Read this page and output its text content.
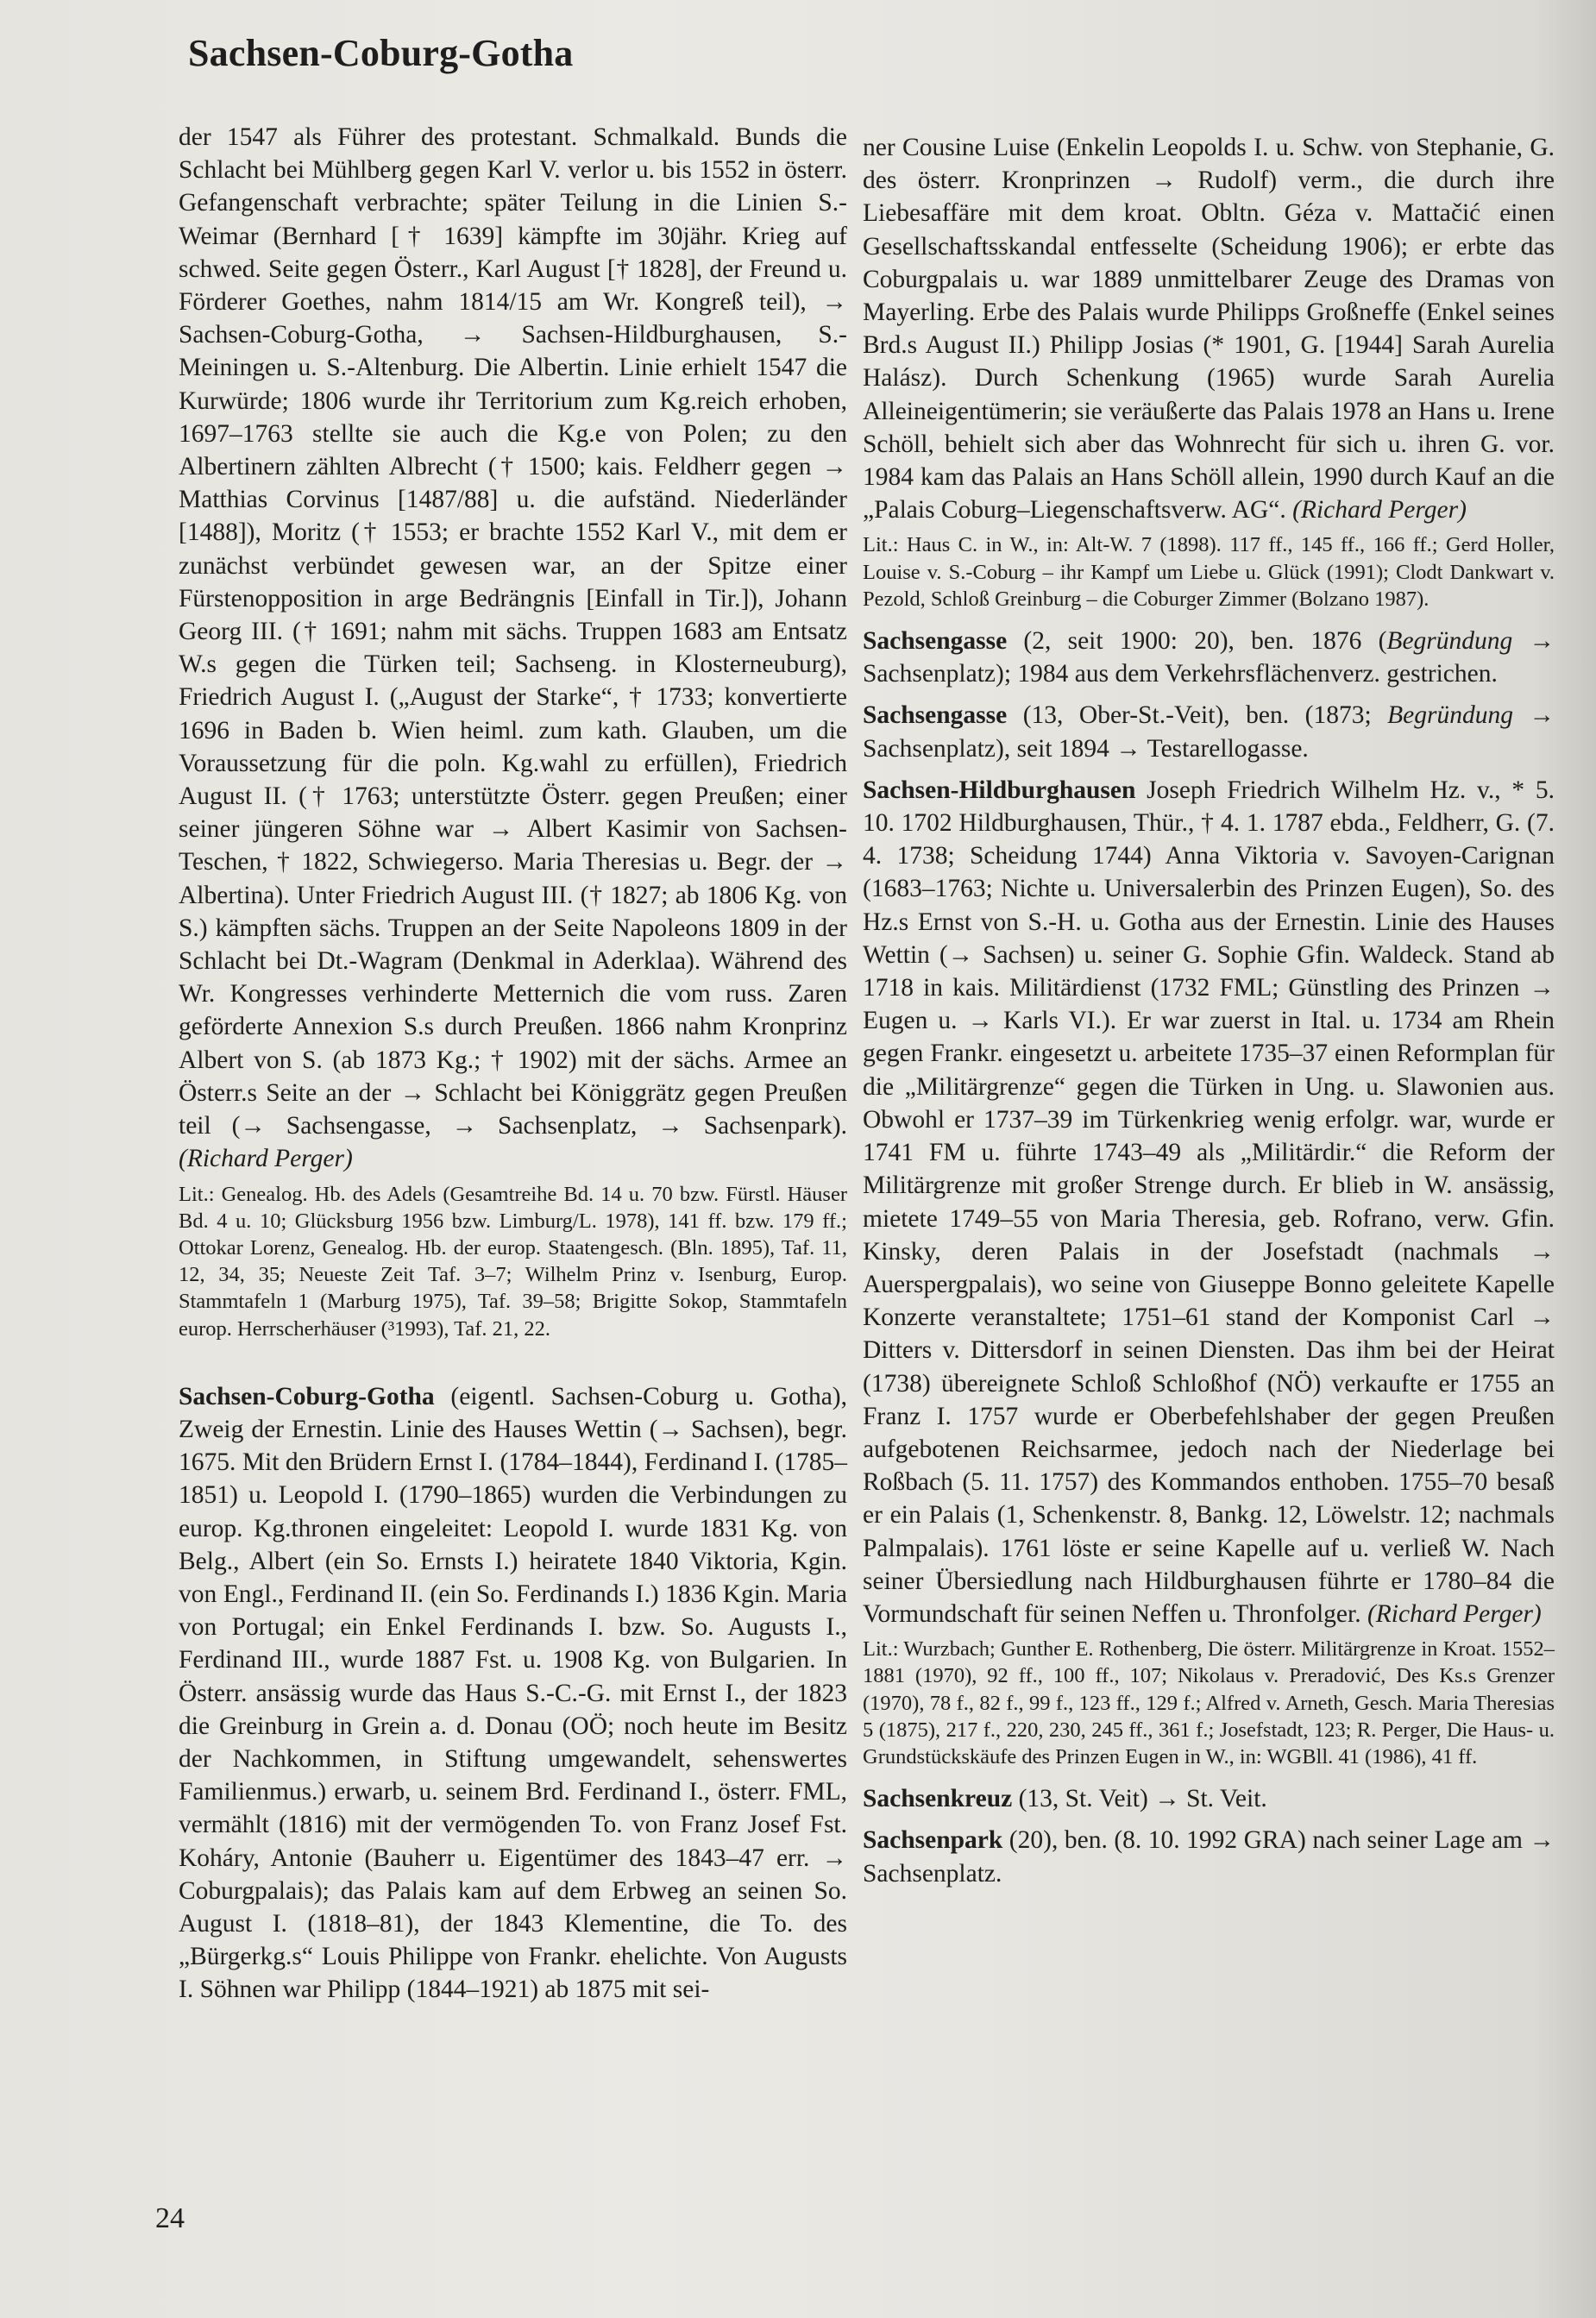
Sachsen-Coburg-Gotha

der 1547 als Führer des protestant. Schmalkald. Bunds die Schlacht bei Mühlberg gegen Karl V. verlor u. bis 1552 in österr. Gefangenschaft verbrachte; später Teilung in die Linien S.-Weimar (Bernhard [† 1639] kämpfte im 30jähr. Krieg auf schwed. Seite gegen Österr., Karl August [† 1828], der Freund u. Förderer Goethes, nahm 1814/15 am Wr. Kongreß teil), → Sachsen-Coburg-Gotha, → Sachsen-Hildburghausen, S.-Meiningen u. S.-Altenburg. Die Albertin. Linie erhielt 1547 die Kurwürde; 1806 wurde ihr Territorium zum Kg.reich erhoben, 1697–1763 stellte sie auch die Kg.e von Polen; zu den Albertinern zählten Albrecht († 1500; kais. Feldherr gegen → Matthias Corvinus [1487/88] u. die aufständ. Niederländer [1488]), Moritz († 1553; er brachte 1552 Karl V., mit dem er zunächst verbündet gewesen war, an der Spitze einer Fürstenopposition in arge Bedrängnis [Einfall in Tir.]), Johann Georg III. († 1691; nahm mit sächs. Truppen 1683 am Entsatz W.s gegen die Türken teil; Sachseng. in Klosterneuburg), Friedrich August I. („August der Starke“, † 1733; konvertierte 1696 in Baden b. Wien heiml. zum kath. Glauben, um die Voraussetzung für die poln. Kg.wahl zu erfüllen), Friedrich August II. († 1763; unterstützte Österr. gegen Preußen; einer seiner jüngeren Söhne war → Albert Kasimir von Sachsen-Teschen, † 1822, Schwiegerso. Maria Theresias u. Begr. der → Albertina). Unter Friedrich August III. († 1827; ab 1806 Kg. von S.) kämpften sächs. Truppen an der Seite Napoleons 1809 in der Schlacht bei Dt.-Wagram (Denkmal in Aderklaa). Während des Wr. Kongresses verhinderte Metternich die vom russ. Zaren geförderte Annexion S.s durch Preußen. 1866 nahm Kronprinz Albert von S. (ab 1873 Kg.; † 1902) mit der sächs. Armee an Österr.s Seite an der → Schlacht bei Königgrätz gegen Preußen teil (→ Sachsengasse, → Sachsenplatz, → Sachsenpark). (Richard Perger)

Lit.: Genealog. Hb. des Adels (Gesamtreihe Bd. 14 u. 70 bzw. Fürstl. Häuser Bd. 4 u. 10; Glücksburg 1956 bzw. Limburg/L. 1978), 141 ff. bzw. 179 ff.; Ottokar Lorenz, Genealog. Hb. der europ. Staatengesch. (Bln. 1895), Taf. 11, 12, 34, 35; Neueste Zeit Taf. 3–7; Wilhelm Prinz v. Isenburg, Europ. Stammtafeln 1 (Marburg 1975), Taf. 39–58; Brigitte Sokop, Stammtafeln europ. Herrscherhäuser (³1993), Taf. 21, 22.

Sachsen-Coburg-Gotha (eigentl. Sachsen-Coburg u. Gotha), Zweig der Ernestin. Linie des Hauses Wettin (→ Sachsen), begr. 1675. Mit den Brüdern Ernst I. (1784–1844), Ferdinand I. (1785–1851) u. Leopold I. (1790–1865) wurden die Verbindungen zu europ. Kg.thronen eingeleitet: Leopold I. wurde 1831 Kg. von Belg., Albert (ein So. Ernsts I.) heiratete 1840 Viktoria, Kgin. von Engl., Ferdinand II. (ein So. Ferdinands I.) 1836 Kgin. Maria von Portugal; ein Enkel Ferdinands I. bzw. So. Augusts I., Ferdinand III., wurde 1887 Fst. u. 1908 Kg. von Bulgarien. In Österr. ansässig wurde das Haus S.-C.-G. mit Ernst I., der 1823 die Greinburg in Grein a. d. Donau (OÖ; noch heute im Besitz der Nachkommen, in Stiftung umgewandelt, sehenswertes Familienmus.) erwarb, u. seinem Brd. Ferdinand I., österr. FML, vermählt (1816) mit der vermögenden To. von Franz Josef Fst. Koháry, Antonie (Bauherr u. Eigentümer des 1843–47 err. → Coburgpalais); das Palais kam auf dem Erbweg an seinen So. August I. (1818–81), der 1843 Klementine, die To. des „Bürgerkg.s“ Louis Philippe von Frankr. ehelichte. Von Augusts I. Söhnen war Philipp (1844–1921) ab 1875 mit sei-

ner Cousine Luise (Enkelin Leopolds I. u. Schw. von Stephanie, G. des österr. Kronprinzen → Rudolf) verm., die durch ihre Liebesaffäre mit dem kroat. Obltn. Géza v. Mattačić einen Gesellschaftsskandal entfesselte (Scheidung 1906); er erbte das Coburgpalais u. war 1889 unmittelbarer Zeuge des Dramas von Mayerling. Erbe des Palais wurde Philipps Großneffe (Enkel seines Brd.s August II.) Philipp Josias (* 1901, G. [1944] Sarah Aurelia Halász). Durch Schenkung (1965) wurde Sarah Aurelia Alleineigentümerin; sie veräußerte das Palais 1978 an Hans u. Irene Schöll, behielt sich aber das Wohnrecht für sich u. ihren G. vor. 1984 kam das Palais an Hans Schöll allein, 1990 durch Kauf an die „Palais Coburg–Liegenschaftsverw. AG“. (Richard Perger)

Lit.: Haus C. in W., in: Alt-W. 7 (1898). 117 ff., 145 ff., 166 ff.; Gerd Holler, Louise v. S.-Coburg – ihr Kampf um Liebe u. Glück (1991); Clodt Dankwart v. Pezold, Schloß Greinburg – die Coburger Zimmer (Bolzano 1987).

Sachsengasse (2, seit 1900: 20), ben. 1876 (Begründung → Sachsenplatz); 1984 aus dem Verkehrsflächenverz. gestrichen.

Sachsengasse (13, Ober-St.-Veit), ben. (1873; Begründung → Sachsenplatz), seit 1894 → Testarellogasse.

Sachsen-Hildburghausen Joseph Friedrich Wilhelm Hz. v., * 5. 10. 1702 Hildburghausen, Thür., † 4. 1. 1787 ebda., Feldherr, G. (7. 4. 1738; Scheidung 1744) Anna Viktoria v. Savoyen-Carignan (1683–1763; Nichte u. Universalerbin des Prinzen Eugen), So. des Hz.s Ernst von S.-H. u. Gotha aus der Ernestin. Linie des Hauses Wettin (→ Sachsen) u. seiner G. Sophie Gfin. Waldeck. Stand ab 1718 in kais. Militärdienst (1732 FML; Günstling des Prinzen → Eugen u. → Karls VI.). Er war zuerst in Ital. u. 1734 am Rhein gegen Frankr. eingesetzt u. arbeitete 1735–37 einen Reformplan für die „Militärgrenze“ gegen die Türken in Ung. u. Slawonien aus. Obwohl er 1737–39 im Türkenkrieg wenig erfolgr. war, wurde er 1741 FM u. führte 1743–49 als „Militärdir.“ die Reform der Militärgrenze mit großer Strenge durch. Er blieb in W. ansässig, mietete 1749–55 von Maria Theresia, geb. Rofrano, verw. Gfin. Kinsky, deren Palais in der Josefstadt (nachmals → Auerspergpalais), wo seine von Giuseppe Bonno geleitete Kapelle Konzerte veranstaltete; 1751–61 stand der Komponist Carl → Ditters v. Dittersdorf in seinen Diensten. Das ihm bei der Heirat (1738) übereignete Schloß Schloßhof (NÖ) verkaufte er 1755 an Franz I. 1757 wurde er Oberbefehlshaber der gegen Preußen aufgebotenen Reichsarmee, jedoch nach der Niederlage bei Roßbach (5. 11. 1757) des Kommandos enthoben. 1755–70 besaß er ein Palais (1, Schenkenstr. 8, Bankg. 12, Löwelstr. 12; nachmals Palmpalais). 1761 löste er seine Kapelle auf u. verließ W. Nach seiner Übersiedlung nach Hildburghausen führte er 1780–84 die Vormundschaft für seinen Neffen u. Thronfolger. (Richard Perger)

Lit.: Wurzbach; Gunther E. Rothenberg, Die österr. Militärgrenze in Kroat. 1552–1881 (1970), 92 ff., 100 ff., 107; Nikolaus v. Preradović, Des Ks.s Grenzer (1970), 78 f., 82 f., 99 f., 123 ff., 129 f.; Alfred v. Arneth, Gesch. Maria Theresias 5 (1875), 217 f., 220, 230, 245 ff., 361 f.; Josefstadt, 123; R. Perger, Die Haus- u. Grundstückskäufe des Prinzen Eugen in W., in: WGBll. 41 (1986), 41 ff.

Sachsenkreuz (13, St. Veit) → St. Veit.

Sachsenpark (20), ben. (8. 10. 1992 GRA) nach seiner Lage am → Sachsenplatz.

24
